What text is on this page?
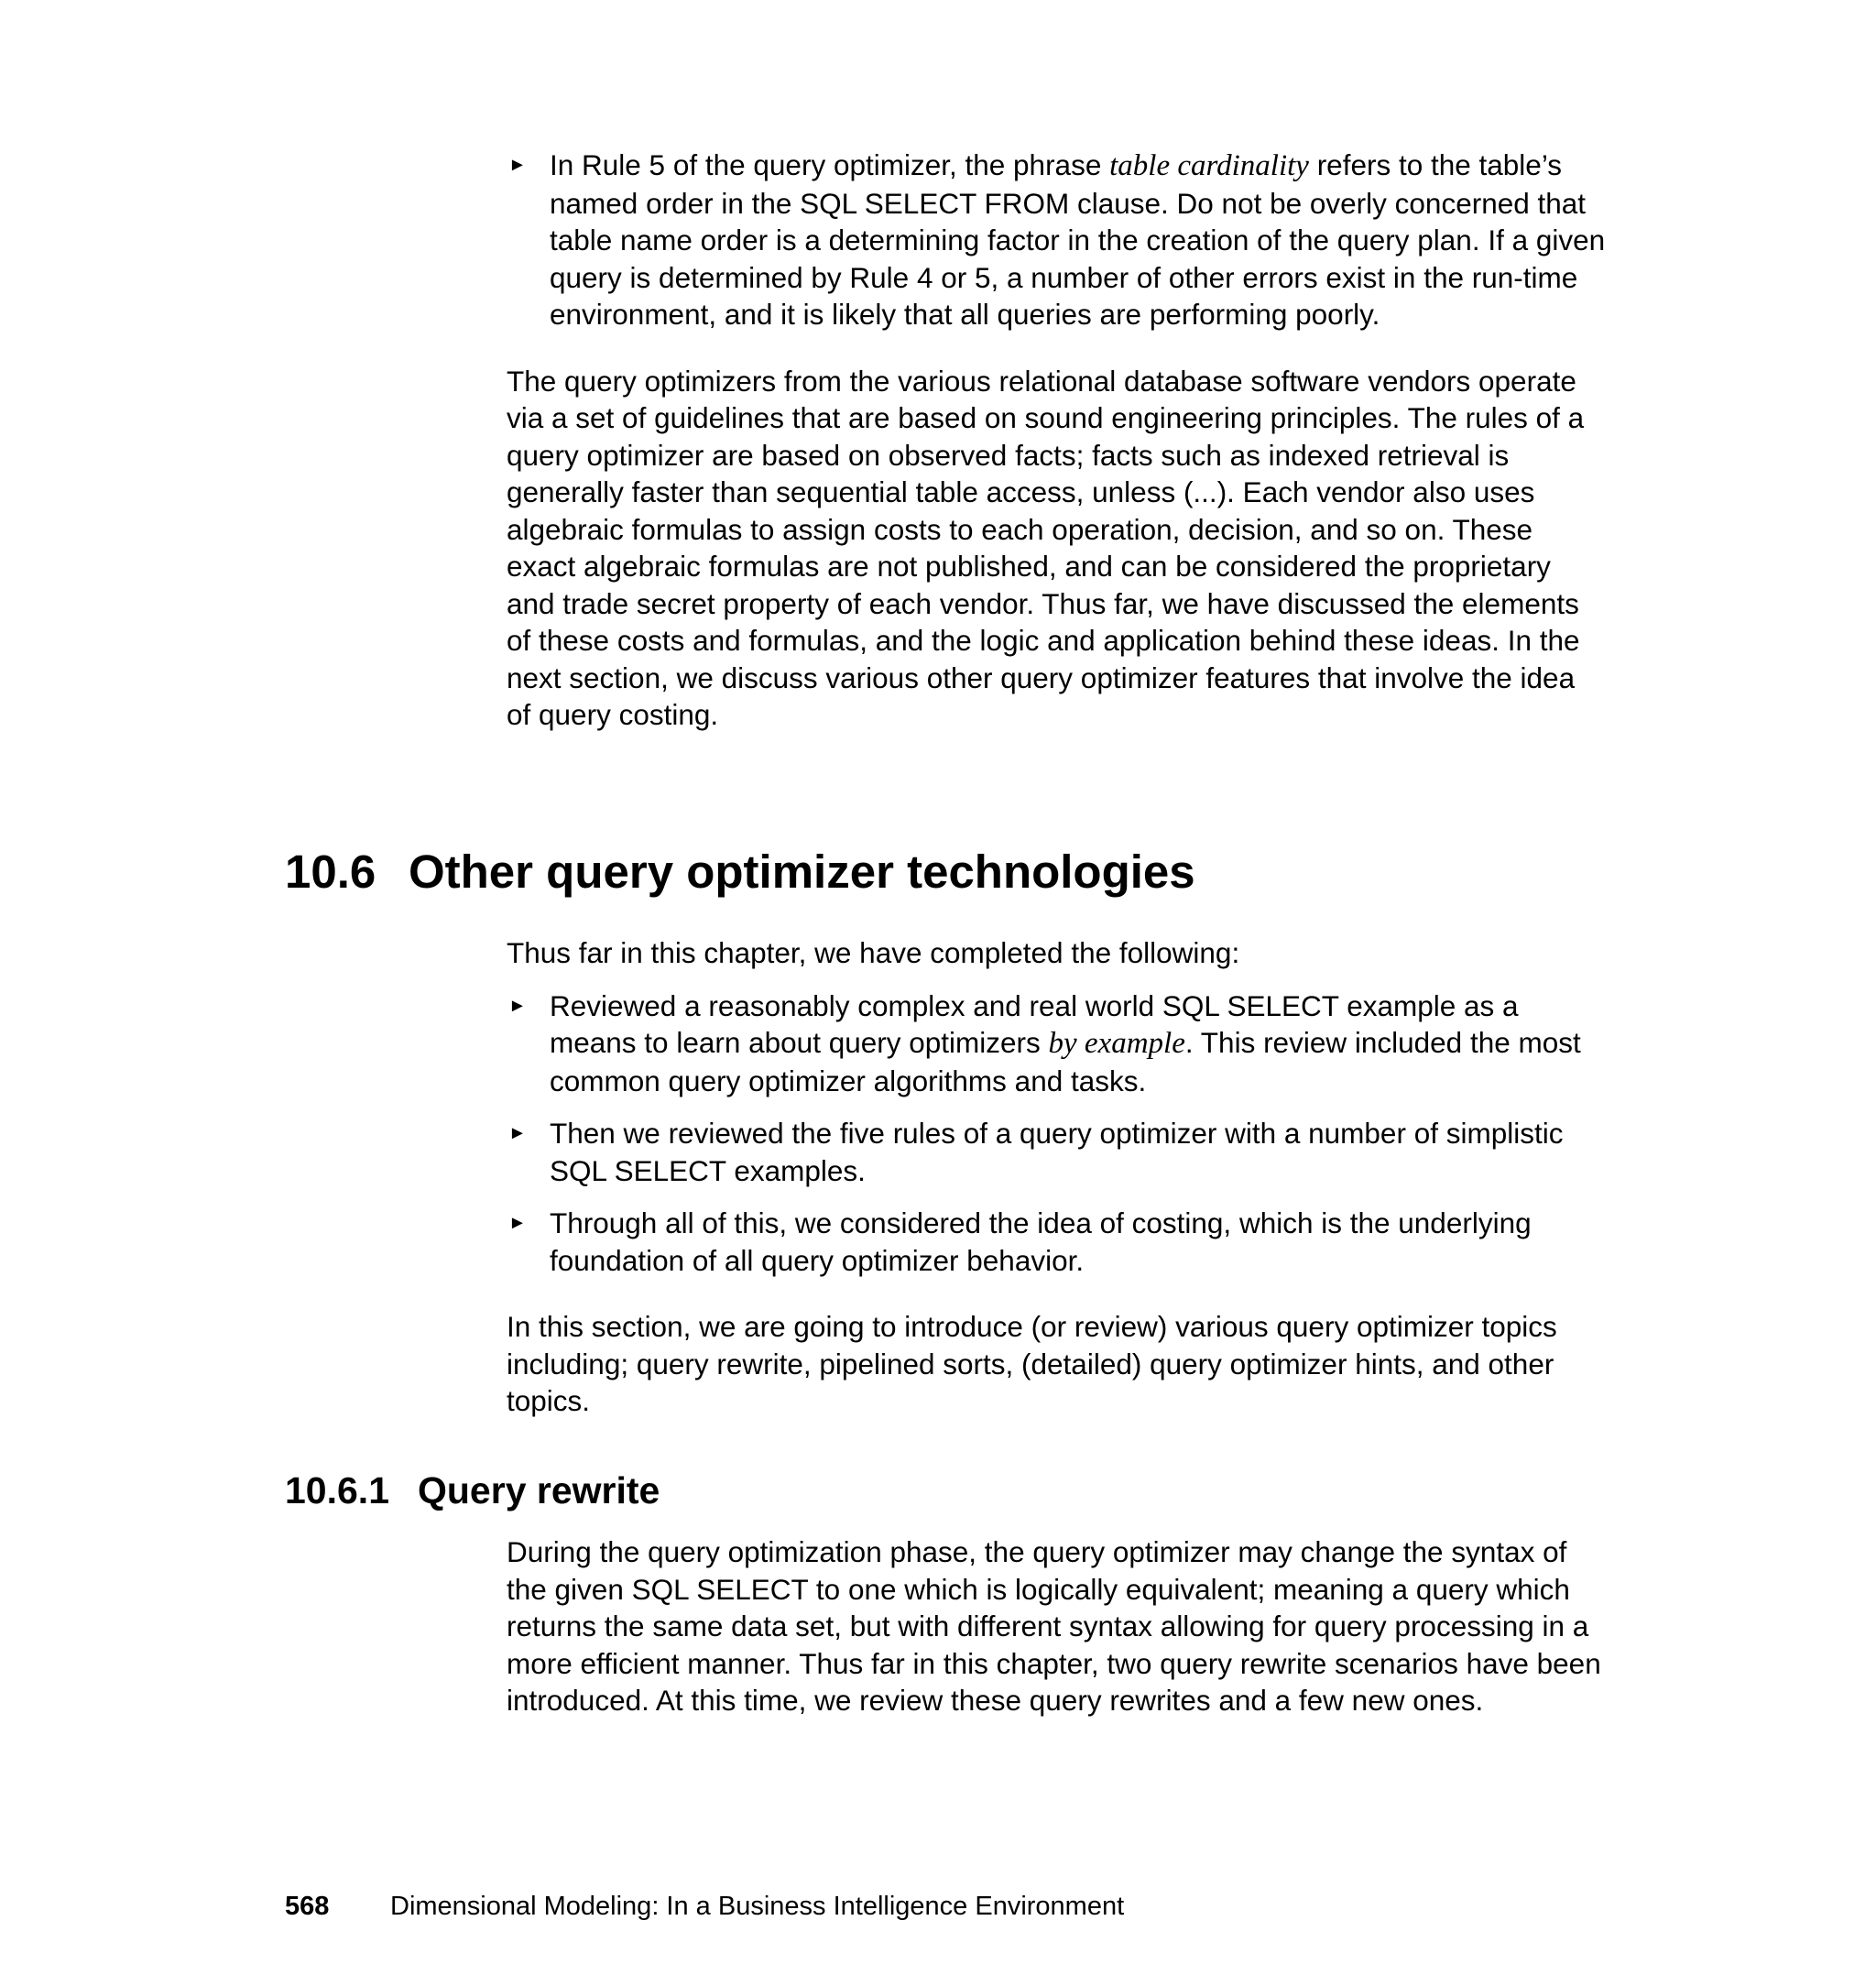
► In Rule 5 of the query optimizer, the phrase table cardinality refers to the table’s named order in the SQL SELECT FROM clause. Do not be overly concerned that table name order is a determining factor in the creation of the query plan. If a given query is determined by Rule 4 or 5, a number of other errors exist in the run-time environment, and it is likely that all queries are performing poorly.

The query optimizers from the various relational database software vendors operate via a set of guidelines that are based on sound engineering principles. The rules of a query optimizer are based on observed facts; facts such as indexed retrieval is generally faster than sequential table access, unless (...). Each vendor also uses algebraic formulas to assign costs to each operation, decision, and so on. These exact algebraic formulas are not published, and can be considered the proprietary and trade secret property of each vendor. Thus far, we have discussed the elements of these costs and formulas, and the logic and application behind these ideas. In the next section, we discuss various other query optimizer features that involve the idea of query costing.

10.6 Other query optimizer technologies

Thus far in this chapter, we have completed the following:

► Reviewed a reasonably complex and real world SQL SELECT example as a means to learn about query optimizers by example. This review included the most common query optimizer algorithms and tasks.
► Then we reviewed the five rules of a query optimizer with a number of simplistic SQL SELECT examples.
► Through all of this, we considered the idea of costing, which is the underlying foundation of all query optimizer behavior.

In this section, we are going to introduce (or review) various query optimizer topics including; query rewrite, pipelined sorts, (detailed) query optimizer hints, and other topics.

10.6.1 Query rewrite

During the query optimization phase, the query optimizer may change the syntax of the given SQL SELECT to one which is logically equivalent; meaning a query which returns the same data set, but with different syntax allowing for query processing in a more efficient manner. Thus far in this chapter, two query rewrite scenarios have been introduced. At this time, we review these query rewrites and a few new ones.

568 Dimensional Modeling: In a Business Intelligence Environment
